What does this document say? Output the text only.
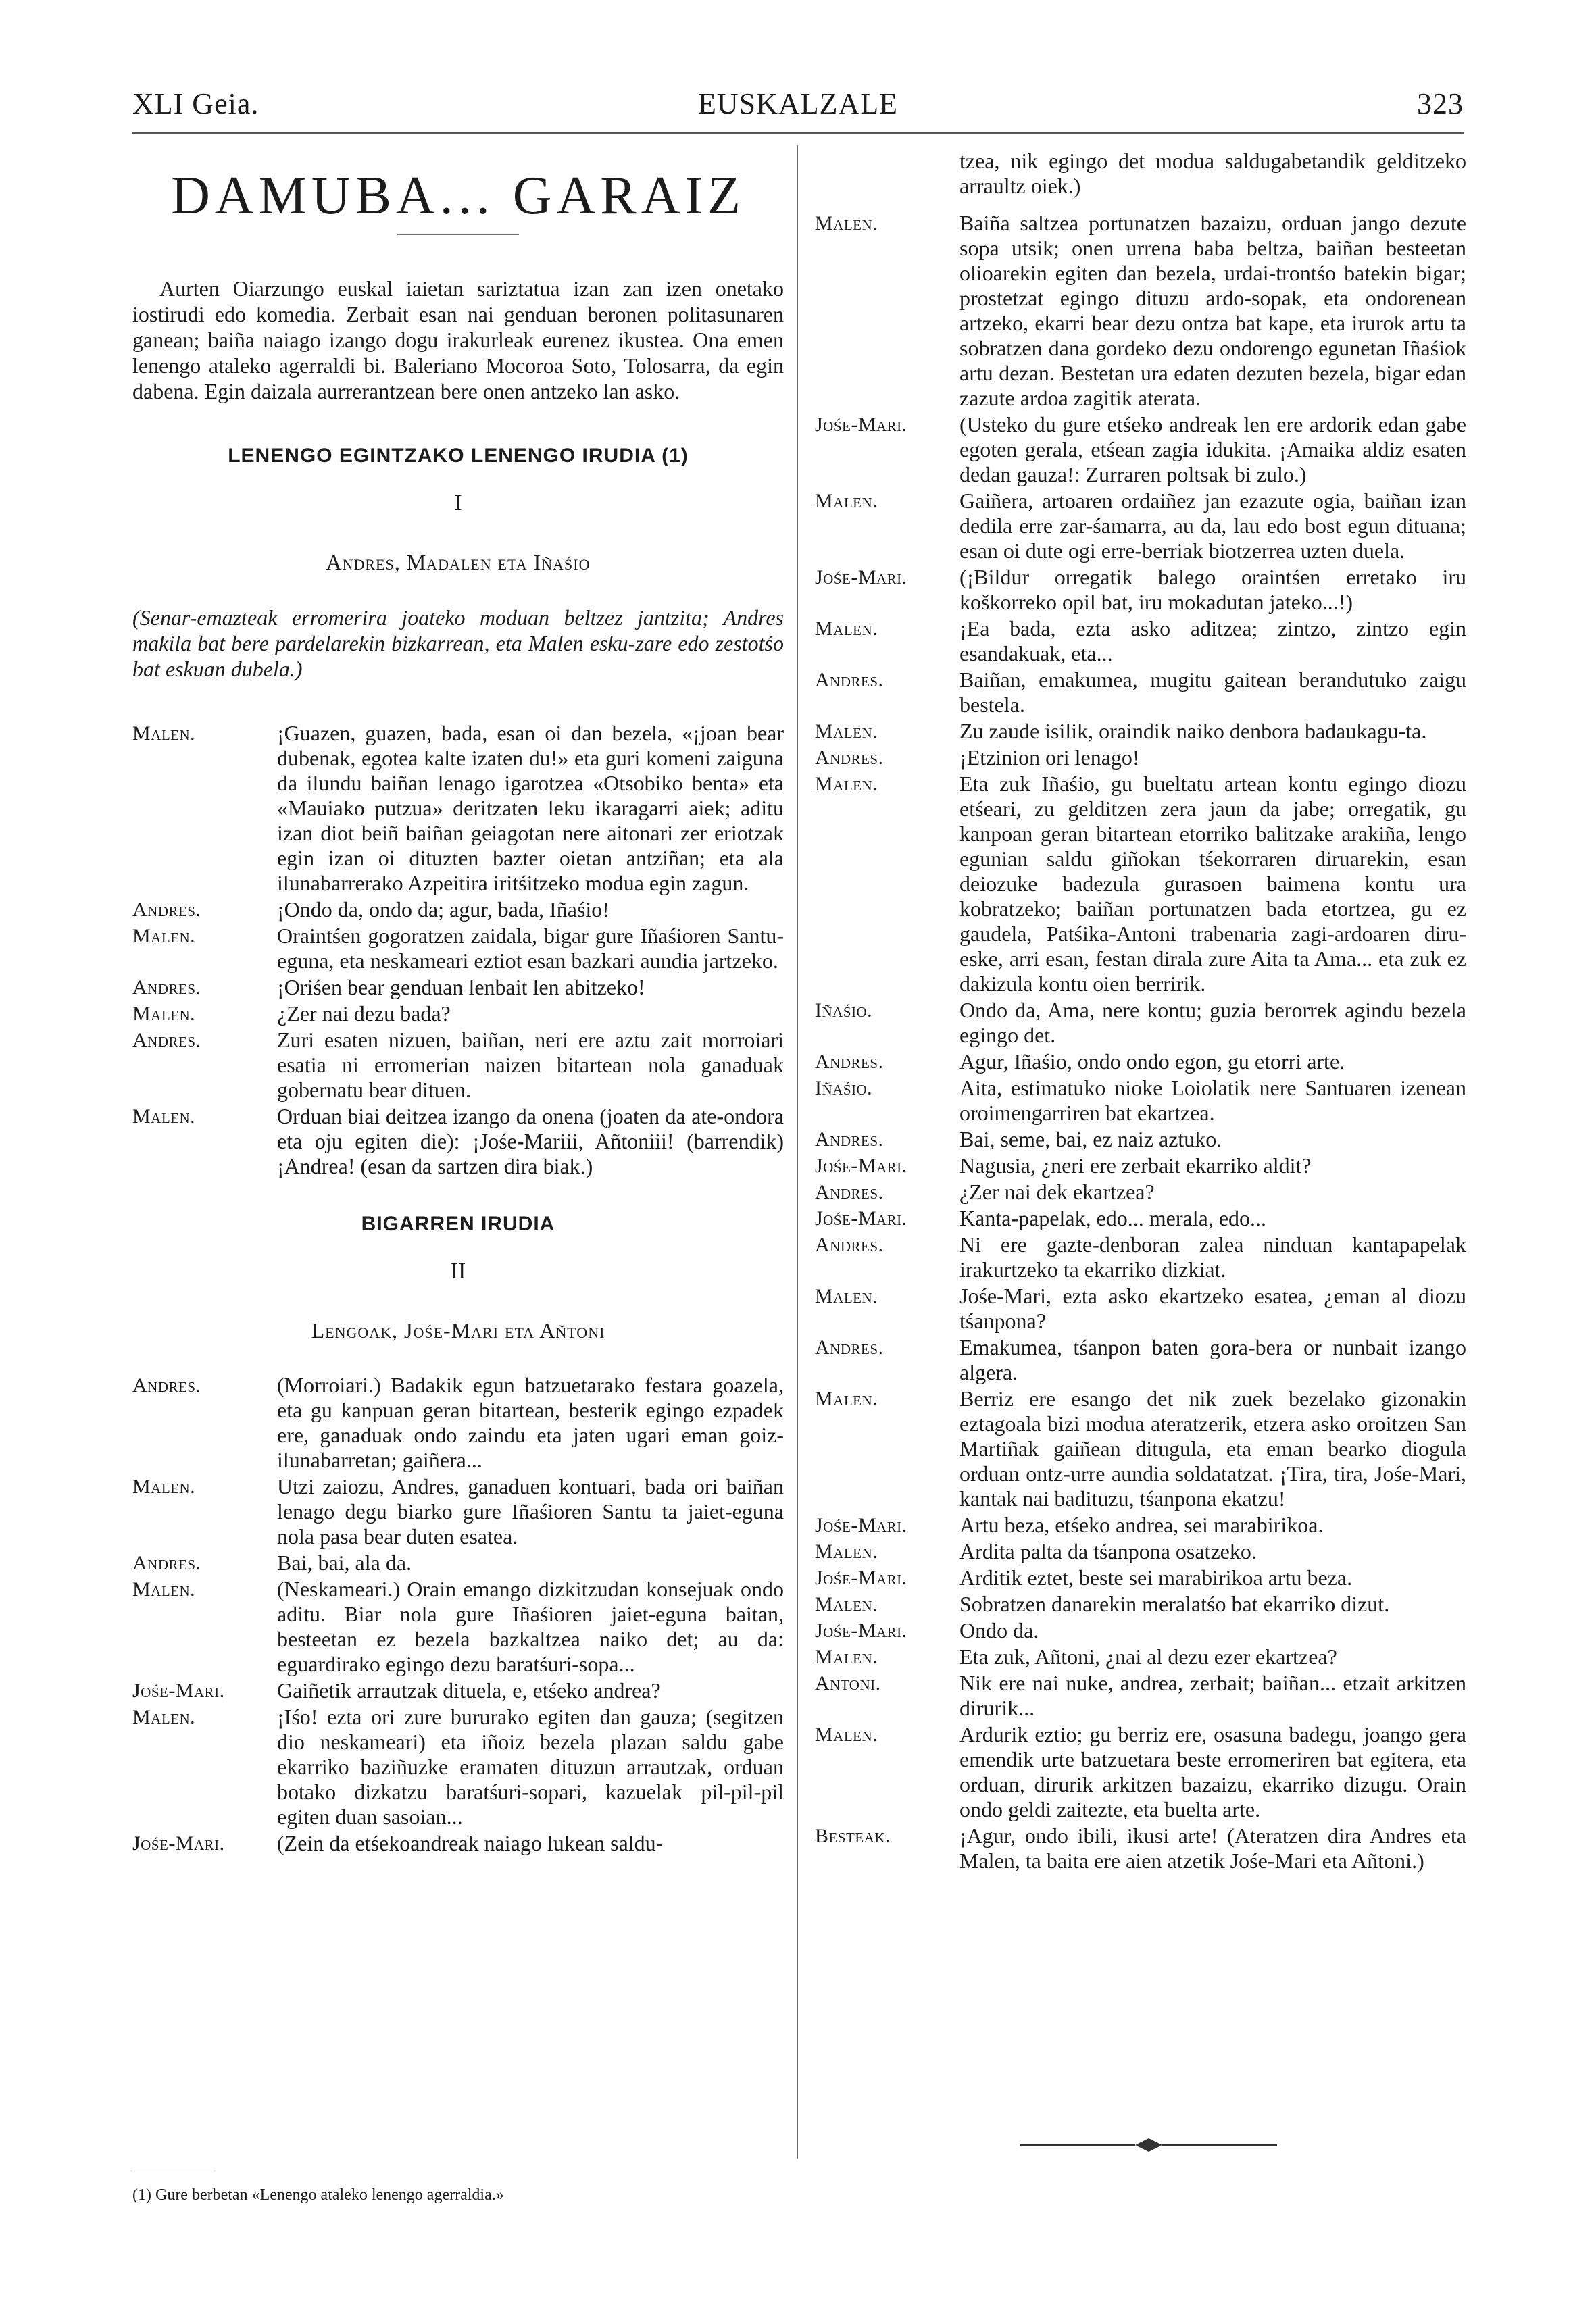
XLI Geia.	EUSKALZALE	323
DAMUBA... GARAIZ

Aurten Oiarzungo euskal iaietan sariztatua izan zan izen onetako iostirudi edo komedia. Zerbait esan nai genduan beronen politasunaren ganean; baiña naiago izango dogu irakurleak eurenez ikustea. Ona emen lenengo ataleko agerraldi bi. Baleriano Mocoroa Soto, Tolosarra, da egin dabena. Egin daizala aurrerantzean bere onen antzeko lan asko.

LENENGO EGINTZAKO LENENGO IRUDIA (1)
I
Andres, Madalen eta Iñaśio

(Senar-emazteak erromerira joateko moduan beltzez jantzita; Andres makila bat bere pardelarekin bizkarrean, eta Malen esku-zare edo zestotśo bat eskuan dubela.)

Malen.	¡Guazen, guazen, bada, esan oi dan bezela, «¡joan bear dubenak, egotea kalte izaten du!» eta guri komeni zaiguna da ilundu baiñan lenago igarotzea «Otsobiko benta» eta «Mauiako putzua» deritzaten leku ikaragarri aiek; aditu izan diot beiñ baiñan geiagotan nere aitonari zer eriotzak egin izan oi dituzten bazter oietan antziñan; eta ala ilunabarrerako Azpeitira iritśitzeko modua egin zagun.
Andres.	¡Ondo da, ondo da; agur, bada, Iñaśio!
Malen.	Oraintśen gogoratzen zaidala, bigar gure Iñaśioren Santu-eguna, eta neskameari eztiot esan bazkari aundia jartzeko.
Andres.	¡Oriśen bear genduan lenbait len abitzeko!
Malen.	¿Zer nai dezu bada?
Andres.	Zuri esaten nizuen, baiñan, neri ere aztu zait morroiari esatia ni erromerian naizen bitartean nola ganaduak gobernatu bear dituen.
Malen.	Orduan biai deitzea izango da onena (joaten da ate-ondora eta oju egiten die): ¡Jośe-Mariii, Añtoniii! (barrendik) ¡Andrea! (esan da sartzen dira biak.)
BIGARREN IRUDIA
II
Lengoak, Jośe-Mari eta Añtoni
Andres.	(Morroiari.) Badakik egun batzuetarako festara goazela, eta gu kanpuan geran bitartean, besterik egingo ezpadek ere, ganaduak ondo zaindu eta jaten ugari eman goiz-ilunabarretan; gaiñera...
Malen.	Utzi zaiozu, Andres, ganaduen kontuari, bada ori baiñan lenago degu biarko gure Iñaśioren Santu ta jaiet-eguna nola pasa bear duten esatea.
Andres.	Bai, bai, ala da.
Malen.	(Neskameari.) Orain emango dizkitzudan konsejuak ondo aditu. Biar nola gure Iñaśioren jaiet-eguna baitan, besteetan ez bezela bazkaltzea naiko det; au da: eguardirako egingo dezu baratśuri-sopa...
Jośe-Mari.	Gaiñetik arrautzak dituela, e, etśeko andrea?
Malen.	¡Iśo! ezta ori zure bururako egiten dan gauza; (segitzen dio neskameari) eta iñoiz bezela plazan saldu gabe ekarriko baziñuzke eramaten dituzun arrautzak, orduan botako dizkatzu baratśuri-sopari, kazuelak pil-pil-pil egiten duan sasoian...
Jośe-Mari.	(Zein da etśekoandreak naiago lukean saldu-
tzea, nik egingo det modua saldugabetandik gelditzeko arraultz oiek.)
Malen.	Baiña saltzea portunatzen bazaizu, orduan jango dezute sopa utsik; onen urrena baba beltza, baiñan besteetan olioarekin egiten dan bezela, urdai-trontśo batekin bigar; prostetzat egingo dituzu ardo-sopak, eta ondorenean artzeko, ekarri bear dezu ontza bat kape, eta irurok artu ta sobratzen dana gordeko dezu ondorengo egunetan Iñaśiok artu dezan. Bestetan ura edaten dezuten bezela, bigar edan zazute ardoa zagitik aterata.
Jośe-Mari.	(Usteko du gure etśeko andreak len ere ardorik edan gabe egoten gerala, etśean zagia idukita. ¡Amaika aldiz esaten dedan gauza!: Zurraren poltsak bi zulo.)
Malen.	Gaiñera, artoaren ordaiñez jan ezazute ogia, baiñan izan dedila erre zar-śamarra, au da, lau edo bost egun dituana; esan oi dute ogi erre-berriak biotzerrea uzten duela.
Jośe-Mari.	(¡Bildur orregatik balego oraintśen erretako iru koškorreko opil bat, iru mokadutan jateko...!)
Malen.	¡Ea bada, ezta asko aditzea; zintzo, zintzo egin esandakuak, eta...
Andres.	Baiñan, emakumea, mugitu gaitean berandutuko zaigu bestela.
Malen.	Zu zaude isilik, oraindik naiko denbora badaukagu-ta.
Andres.	¡Etzinion ori lenago!
Malen.	Eta zuk Iñaśio, gu bueltatu artean kontu egingo diozu etśeari, zu gelditzen zera jaun da jabe; orregatik, gu kanpoan geran bitartean etorriko balitzake arakiña, lengo egunian saldu giñokan tśekorraren diruarekin, esan deiozuke badezula gurasoen baimena kontu ura kobratzeko; baiñan portunatzen bada etortzea, gu ez gaudela, Patśika-Antoni trabenaria zagi-ardoaren diru-eske, arri esan, festan dirala zure Aita ta Ama... eta zuk ez dakizula kontu oien berririk.
Iñaśio.	Ondo da, Ama, nere kontu; guzia berorrek agindu bezela egingo det.
Andres.	Agur, Iñaśio, ondo ondo egon, gu etorri arte.
Iñaśio.	Aita, estimatuko nioke Loiolatik nere Santuaren izenean oroimengarriren bat ekartzea.
Andres.	Bai, seme, bai, ez naiz aztuko.
Jośe-Mari.	Nagusia, ¿neri ere zerbait ekarriko aldit?
Andres.	¿Zer nai dek ekartzea?
Jośe-Mari.	Kanta-papelak, edo... merala, edo...
Andres.	Ni ere gazte-denboran zalea ninduan kantapapelak irakurtzeko ta ekarriko dizkiat.
Malen.	Jośe-Mari, ezta asko ekartzeko esatea, ¿eman al diozu tśanpona?
Andres.	Emakumea, tśanpon baten gora-bera or nunbait izango algera.
Malen.	Berriz ere esango det nik zuek bezelako gizonakin eztagoala bizi modua ateratzerik, etzera asko oroitzen San Martiñak gaiñean ditugula, eta eman bearko diogula orduan ontz-urre aundia soldatatzat. ¡Tira, tira, Jośe-Mari, kantak nai badituzu, tśanpona ekatzu!
Jośe-Mari.	Artu beza, etśeko andrea, sei marabirikoa.
Malen.	Ardita palta da tśanpona osatzeko.
Jośe-Mari.	Arditik eztet, beste sei marabirikoa artu beza.
Malen.	Sobratzen danarekin meralatśo bat ekarriko dizut.
Jośe-Mari.	Ondo da.
Malen.	Eta zuk, Añtoni, ¿nai al dezu ezer ekartzea?
Antoni.	Nik ere nai nuke, andrea, zerbait; baiñan... etzait arkitzen dirurik...
Malen.	Ardurik eztio; gu berriz ere, osasuna badegu, joango gera emendik urte batzuetara beste erromeriren bat egitera, eta orduan, dirurik arkitzen bazaizu, ekarriko dizugu. Orain ondo geldi zaitezte, eta buelta arte.
Besteak.	¡Agur, ondo ibili, ikusi arte! (Ateratzen dira Andres eta Malen, ta baita ere aien atzetik Jośe-Mari eta Añtoni.)
(1) Gure berbetan «Lenengo ataleko lenengo agerraldia.»
